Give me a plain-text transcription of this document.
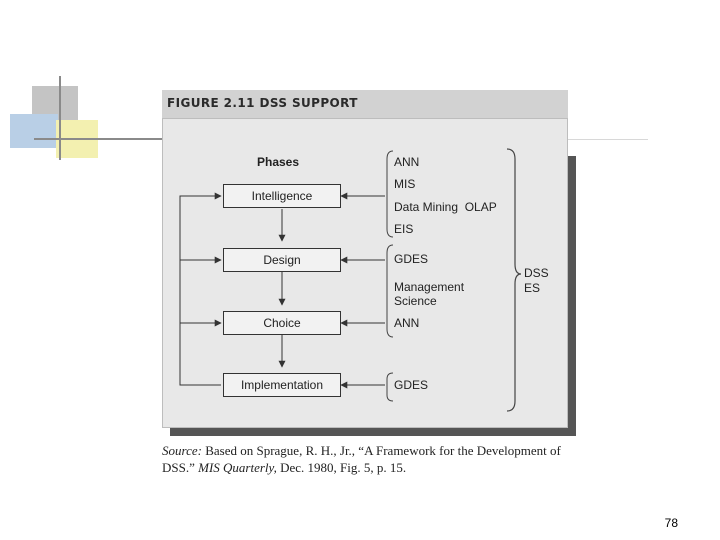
FIGURE 2.11 DSS SUPPORT
Phases
Intelligence
Design
Choice
Implementation
ANN
MIS
Data Mining  OLAP
EIS
GDES
Management
Science
ANN
GDES
DSS
ES
Source: Based on Sprague, R. H., Jr., “A Framework for the Development of DSS.” MIS Quarterly, Dec. 1980, Fig. 5, p. 15.
78
